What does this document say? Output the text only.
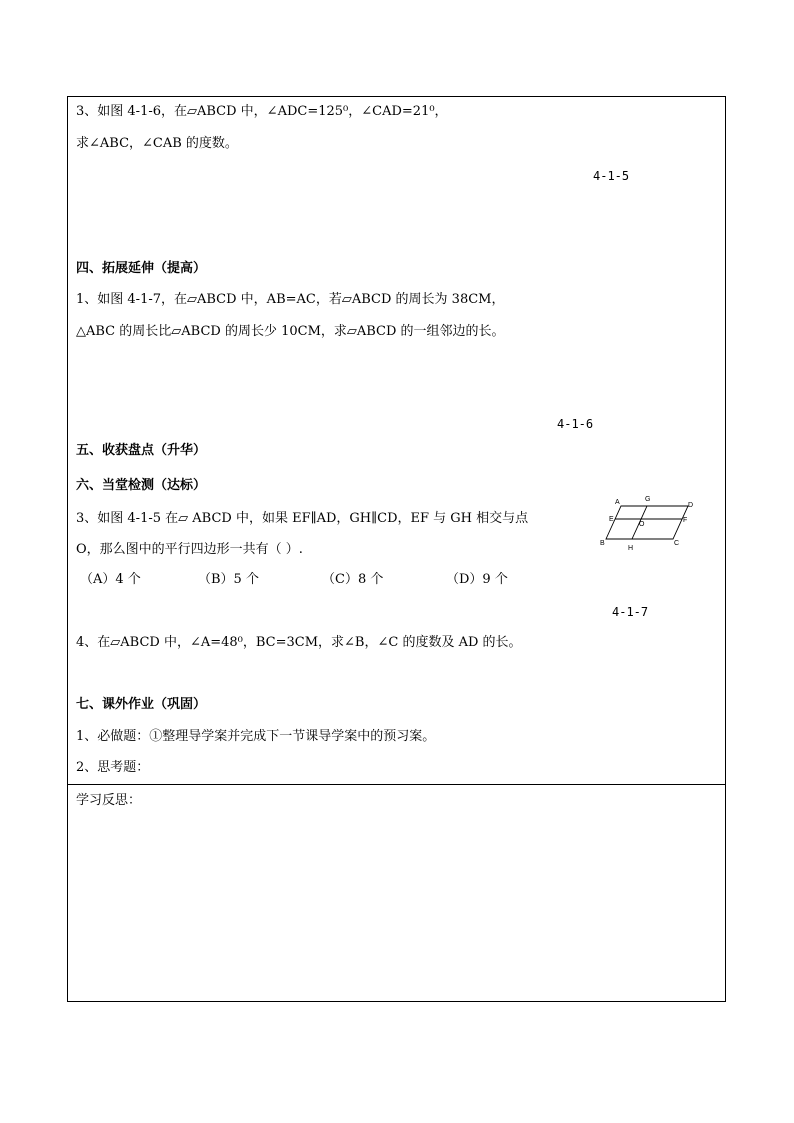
3、如图 4-1-6，在▱ABCD 中，∠ADC=125⁰，∠CAD=21⁰，
求∠ABC，∠CAB 的度数。
4-1-5
四、拓展延伸（提高）
1、如图 4-1-7，在▱ABCD 中，AB=AC，若▱ABCD 的周长为 38CM，
△ABC 的周长比▱ABCD 的周长少 10CM，求▱ABCD 的一组邻边的长。
4-1-6
五、收获盘点（升华）
六、当堂检测（达标）
3、如图 4-1-5 在▱ ABCD 中，如果 EF∥AD，GH∥CD，EF 与 GH 相交与点
O，那么图中的平行四边形一共有（ ）.
（A）4 个	（B）5 个	（C）8 个	（D）9 个
4-1-7
4、在▱ABCD 中，∠A=48⁰，BC=3CM，求∠B，∠C 的度数及 AD 的长。
A	G
D
E
O
F
B
H
C
七、课外作业（巩固）
1、必做题：①整理导学案并完成下一节课导学案中的预习案。
2、思考题：
学习反思：
